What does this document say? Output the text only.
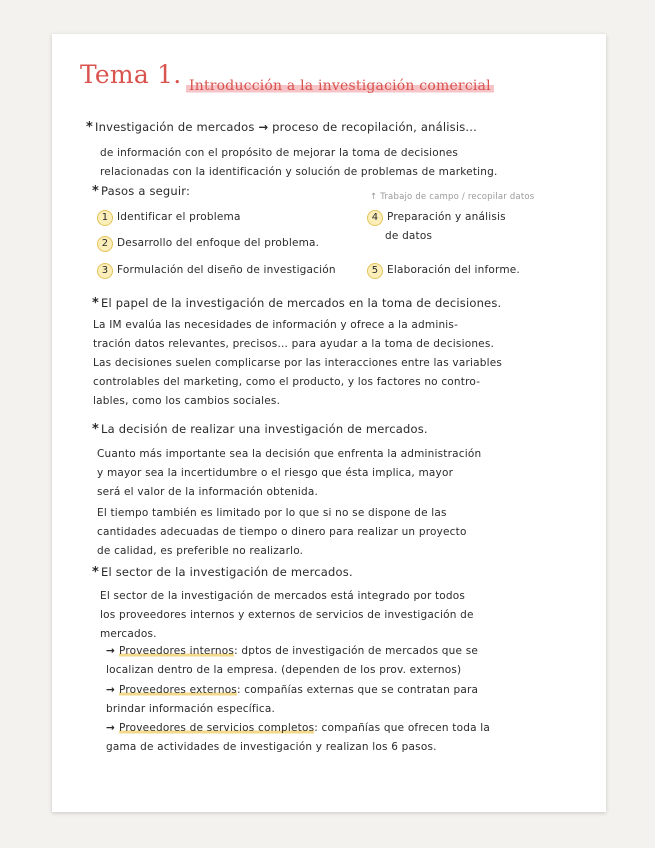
Tema 1. Introducción a la investigación comercial
* Investigación de mercados → proceso de recopilación, análisis...
de información con el propósito de mejorar la toma de decisiones
relacionadas con la identificación y solución de problemas de marketing.
* Pasos a seguir:	↑ Trabajo de campo / recopilar datos
1 Identificar el problema
2 Desarrollo del enfoque del problema.
3 Formulación del diseño de investigación
4 Preparación y análisis
de datos
5 Elaboración del informe.
* El papel de la investigación de mercados en la toma de decisiones.
La IM evalúa las necesidades de información y ofrece a la adminis-
tración datos relevantes, precisos... para ayudar a la toma de decisiones.
Las decisiones suelen complicarse por las interacciones entre las variables
controlables del marketing, como el producto, y los factores no contro-
lables, como los cambios sociales.
* La decisión de realizar una investigación de mercados.
Cuanto más importante sea la decisión que enfrenta la administración
y mayor sea la incertidumbre o el riesgo que ésta implica, mayor
será el valor de la información obtenida.
El tiempo también es limitado por lo que si no se dispone de las
cantidades adecuadas de tiempo o dinero para realizar un proyecto
de calidad, es preferible no realizarlo.
* El sector de la investigación de mercados.
El sector de la investigación de mercados está integrado por todos
los proveedores internos y externos de servicios de investigación de
mercados.
→ Proveedores internos: dptos de investigación de mercados que se
localizan dentro de la empresa. (dependen de los prov. externos)
→ Proveedores externos: compañías externas que se contratan para
brindar información específica.
→ Proveedores de servicios completos: compañías que ofrecen toda la
gama de actividades de investigación y realizan los 6 pasos.
